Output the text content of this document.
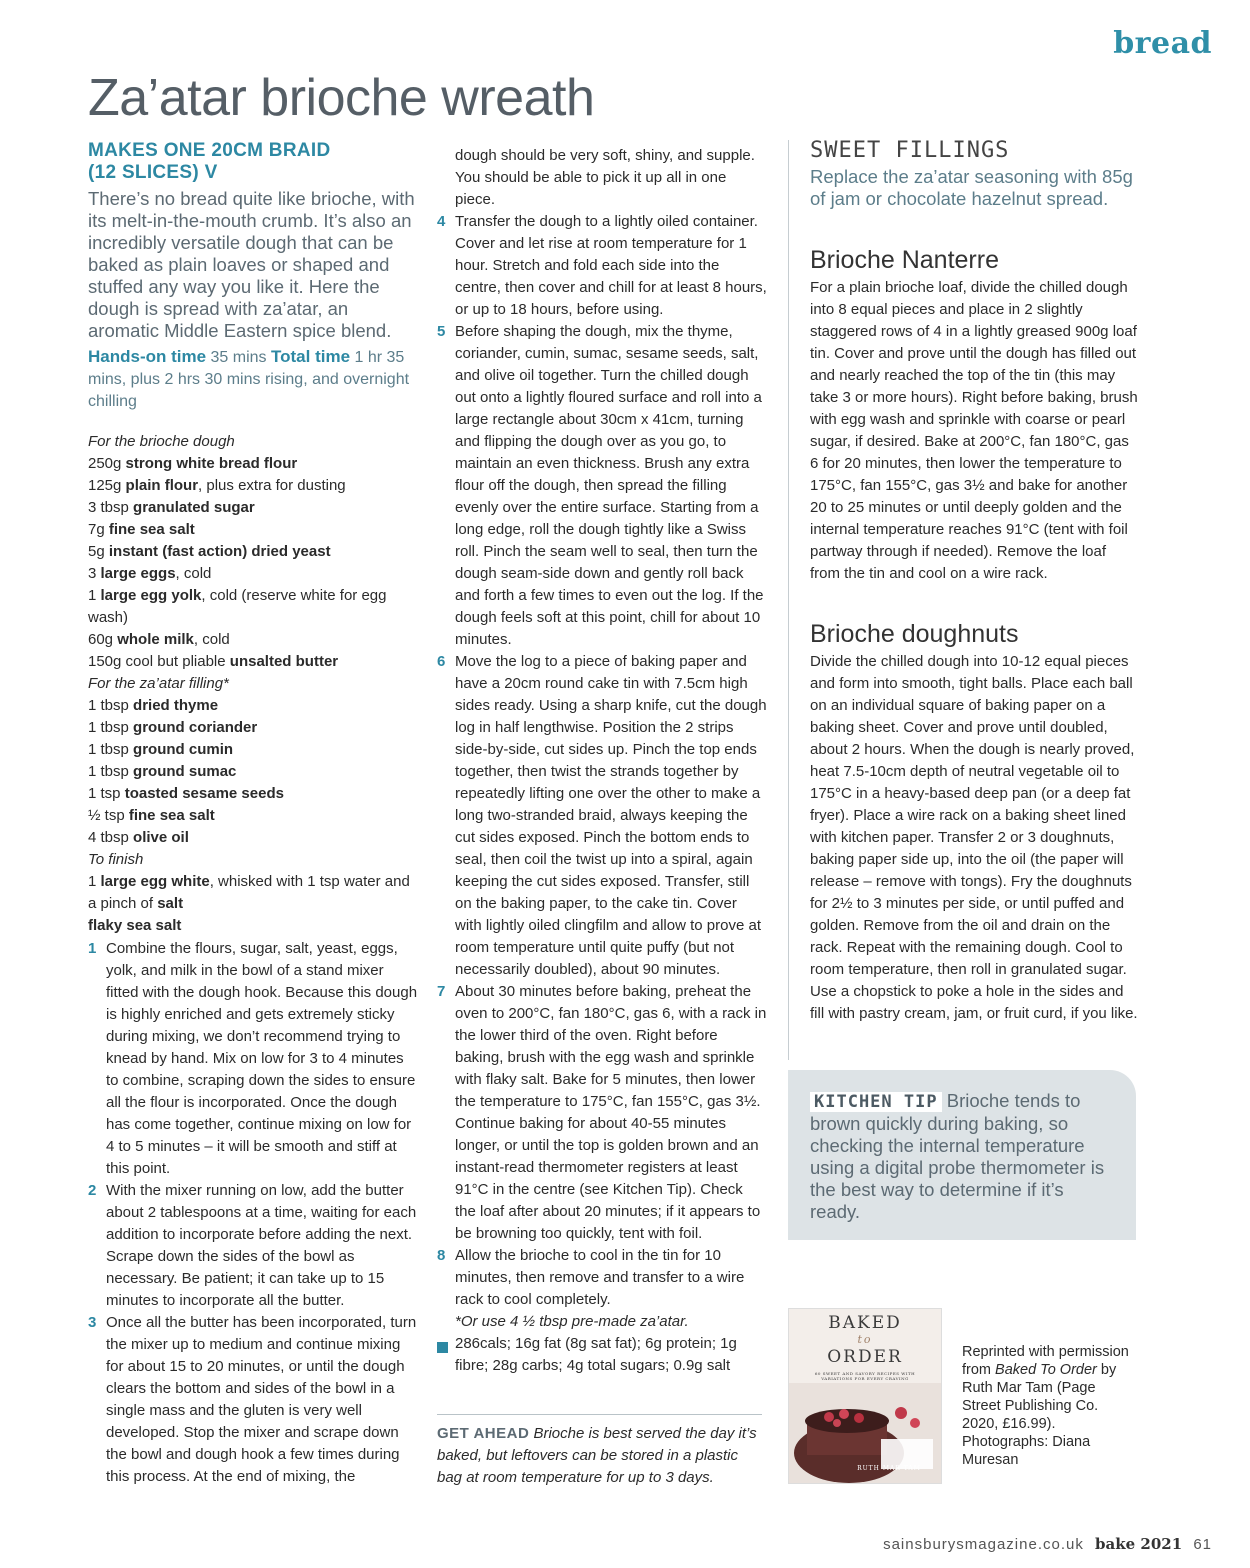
bread
Za’atar brioche wreath
MAKES ONE 20CM BRAID
(12 SLICES) V
There’s no bread quite like brioche, with its melt-in-the-mouth crumb. It’s also an incredibly versatile dough that can be baked as plain loaves or shaped and stuffed any way you like it. Here the dough is spread with za’atar, an aromatic Middle Eastern spice blend.
Hands-on time 35 mins Total time 1 hr 35 mins, plus 2 hrs 30 mins rising, and overnight chilling
For the brioche dough
250g strong white bread flour
125g plain flour, plus extra for dusting
3 tbsp granulated sugar
7g fine sea salt
5g instant (fast action) dried yeast
3 large eggs, cold
1 large egg yolk, cold (reserve white for egg wash)
60g whole milk, cold
150g cool but pliable unsalted butter
For the za’atar filling*
1 tbsp dried thyme
1 tbsp ground coriander
1 tbsp ground cumin
1 tbsp ground sumac
1 tsp toasted sesame seeds
½ tsp fine sea salt
4 tbsp olive oil
To finish
1 large egg white, whisked with 1 tsp water and a pinch of salt
flaky sea salt
1 Combine the flours, sugar, salt, yeast, eggs, yolk, and milk in the bowl of a stand mixer fitted with the dough hook. Because this dough is highly enriched and gets extremely sticky during mixing, we don’t recommend trying to knead by hand. Mix on low for 3 to 4 minutes to combine, scraping down the sides to ensure all the flour is incorporated. Once the dough has come together, continue mixing on low for 4 to 5 minutes – it will be smooth and stiff at this point.
2 With the mixer running on low, add the butter about 2 tablespoons at a time, waiting for each addition to incorporate before adding the next. Scrape down the sides of the bowl as necessary. Be patient; it can take up to 15 minutes to incorporate all the butter.
3 Once all the butter has been incorporated, turn the mixer up to medium and continue mixing for about 15 to 20 minutes, or until the dough clears the bottom and sides of the bowl in a single mass and the gluten is very well developed. Stop the mixer and scrape down the bowl and dough hook a few times during this process. At the end of mixing, the
dough should be very soft, shiny, and supple. You should be able to pick it up all in one piece.
4 Transfer the dough to a lightly oiled container. Cover and let rise at room temperature for 1 hour. Stretch and fold each side into the centre, then cover and chill for at least 8 hours, or up to 18 hours, before using.
5 Before shaping the dough, mix the thyme, coriander, cumin, sumac, sesame seeds, salt, and olive oil together. Turn the chilled dough out onto a lightly floured surface and roll into a large rectangle about 30cm x 41cm, turning and flipping the dough over as you go, to maintain an even thickness. Brush any extra flour off the dough, then spread the filling evenly over the entire surface. Starting from a long edge, roll the dough tightly like a Swiss roll. Pinch the seam well to seal, then turn the dough seam-side down and gently roll back and forth a few times to even out the log. If the dough feels soft at this point, chill for about 10 minutes.
6 Move the log to a piece of baking paper and have a 20cm round cake tin with 7.5cm high sides ready. Using a sharp knife, cut the dough log in half lengthwise. Position the 2 strips side-by-side, cut sides up. Pinch the top ends together, then twist the strands together by repeatedly lifting one over the other to make a long two-stranded braid, always keeping the cut sides exposed. Pinch the bottom ends to seal, then coil the twist up into a spiral, again keeping the cut sides exposed. Transfer, still on the baking paper, to the cake tin. Cover with lightly oiled clingfilm and allow to prove at room temperature until quite puffy (but not necessarily doubled), about 90 minutes.
7 About 30 minutes before baking, preheat the oven to 200°C, fan 180°C, gas 6, with a rack in the lower third of the oven. Right before baking, brush with the egg wash and sprinkle with flaky salt. Bake for 5 minutes, then lower the temperature to 175°C, fan 155°C, gas 3½. Continue baking for about 40-55 minutes longer, or until the top is golden brown and an instant-read thermometer registers at least 91°C in the centre (see Kitchen Tip). Check the loaf after about 20 minutes; if it appears to be browning too quickly, tent with foil.
8 Allow the brioche to cool in the tin for 10 minutes, then remove and transfer to a wire rack to cool completely.
*Or use 4 ½ tbsp pre-made za’atar.
286cals; 16g fat (8g sat fat); 6g protein; 1g fibre; 28g carbs; 4g total sugars; 0.9g salt
GET AHEAD Brioche is best served the day it’s baked, but leftovers can be stored in a plastic bag at room temperature for up to 3 days.
SWEET FILLINGS
Replace the za’atar seasoning with 85g of jam or chocolate hazelnut spread.
Brioche Nanterre
For a plain brioche loaf, divide the chilled dough into 8 equal pieces and place in 2 slightly staggered rows of 4 in a lightly greased 900g loaf tin. Cover and prove until the dough has filled out and nearly reached the top of the tin (this may take 3 or more hours). Right before baking, brush with egg wash and sprinkle with coarse or pearl sugar, if desired. Bake at 200°C, fan 180°C, gas 6 for 20 minutes, then lower the temperature to 175°C, fan 155°C, gas 3½ and bake for another 20 to 25 minutes or until deeply golden and the internal temperature reaches 91°C (tent with foil partway through if needed). Remove the loaf from the tin and cool on a wire rack.
Brioche doughnuts
Divide the chilled dough into 10-12 equal pieces and form into smooth, tight balls. Place each ball on an individual square of baking paper on a baking sheet. Cover and prove until doubled, about 2 hours. When the dough is nearly proved, heat 7.5-10cm depth of neutral vegetable oil to 175°C in a heavy-based deep pan (or a deep fat fryer). Place a wire rack on a baking sheet lined with kitchen paper. Transfer 2 or 3 doughnuts, baking paper side up, into the oil (the paper will release – remove with tongs). Fry the doughnuts for 2½ to 3 minutes per side, or until puffed and golden. Remove from the oil and drain on the rack. Repeat with the remaining dough. Cool to room temperature, then roll in granulated sugar. Use a chopstick to poke a hole in the sides and fill with pastry cream, jam, or fruit curd, if you like.
KITCHEN TIP Brioche tends to brown quickly during baking, so checking the internal temperature using a digital probe thermometer is the best way to determine if it’s ready.
BAKED
to
ORDER
60 SWEET AND SAVORY RECIPES WITH VARIATIONS FOR EVERY CRAVING
RUTH MAR TAM
Reprinted with permission from Baked To Order by Ruth Mar Tam (Page Street Publishing Co. 2020, £16.99). Photographs: Diana Muresan
sainsburysmagazine.co.uk bake 2021 61
